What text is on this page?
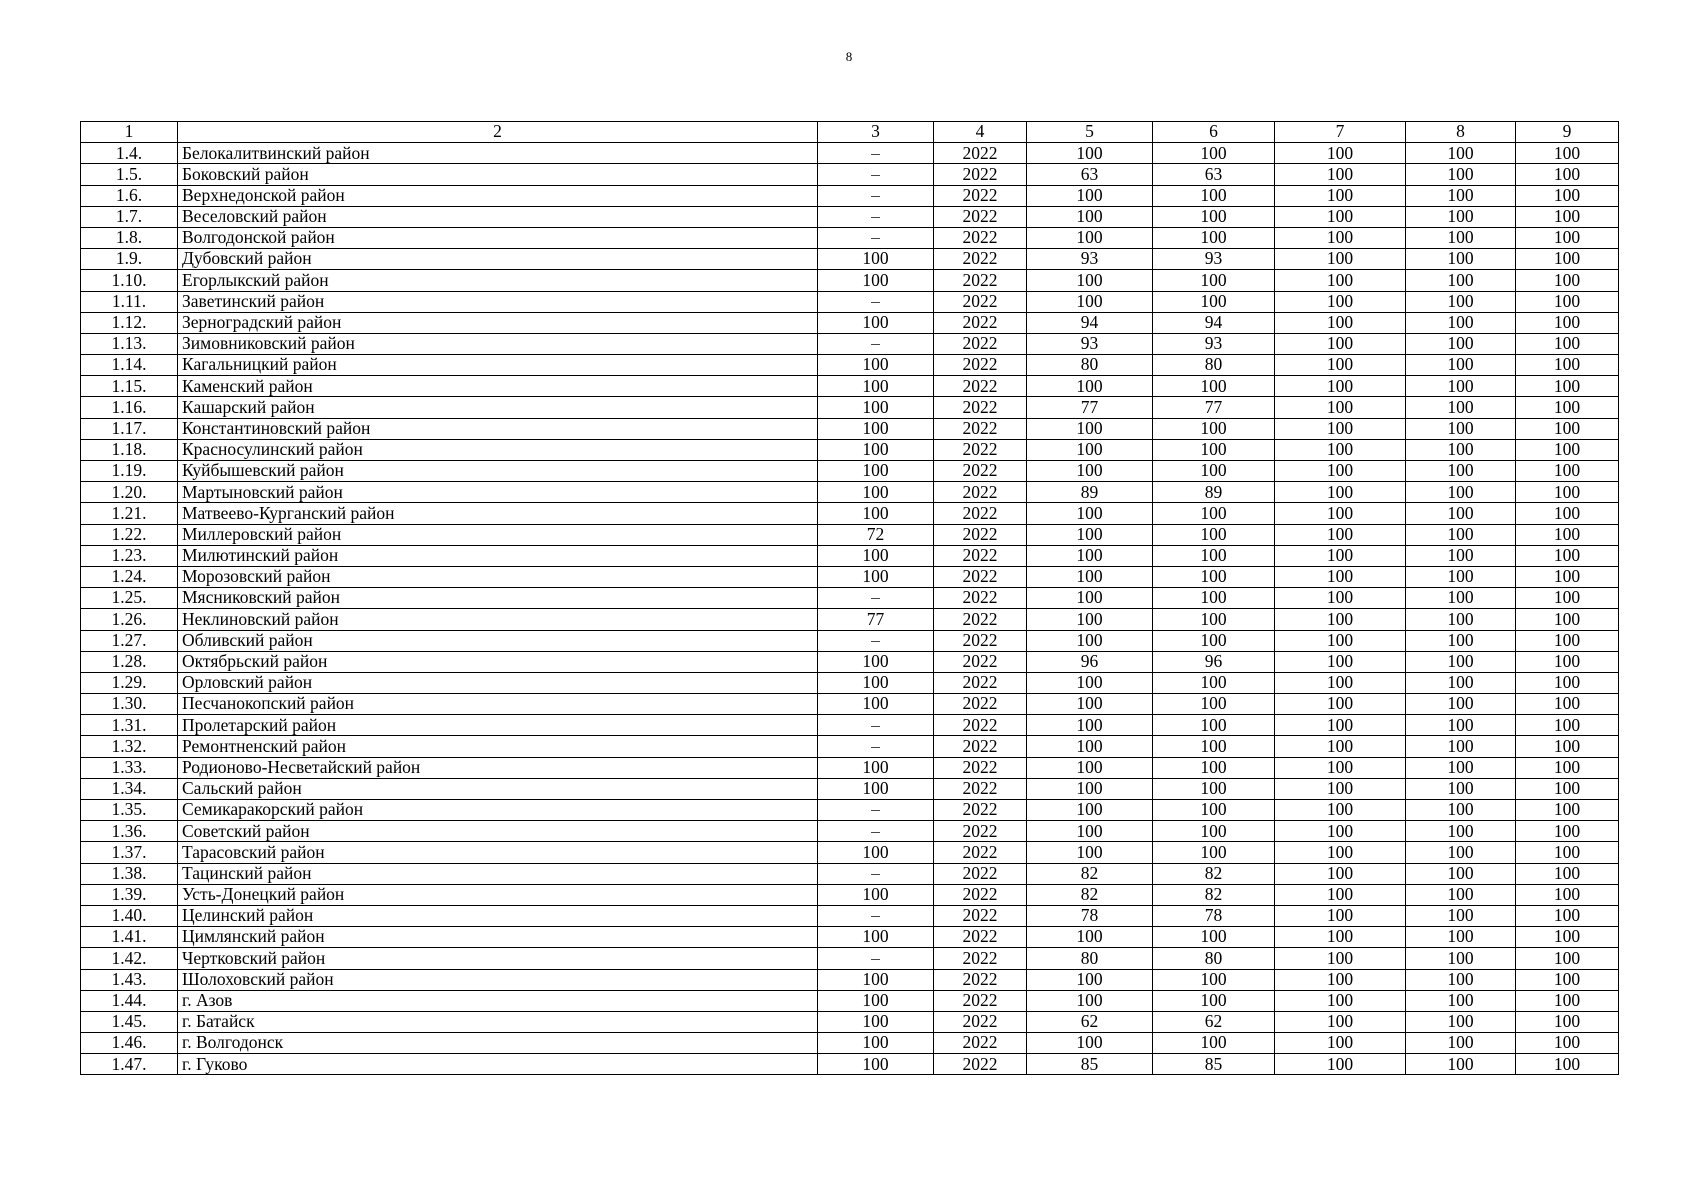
8
1	2	3	4	5	6	7	8	9
1.4.	Белокалитвинский район	–	2022	100	100	100	100	100
1.5.	Боковский район	–	2022	63	63	100	100	100
1.6.	Верхнедонской район	–	2022	100	100	100	100	100
1.7.	Веселовский район	–	2022	100	100	100	100	100
1.8.	Волгодонской район	–	2022	100	100	100	100	100
1.9.	Дубовский район	100	2022	93	93	100	100	100
1.10.	Егорлыкский район	100	2022	100	100	100	100	100
1.11.	Заветинский район	–	2022	100	100	100	100	100
1.12.	Зерноградский район	100	2022	94	94	100	100	100
1.13.	Зимовниковский район	–	2022	93	93	100	100	100
1.14.	Кагальницкий район	100	2022	80	80	100	100	100
1.15.	Каменский район	100	2022	100	100	100	100	100
1.16.	Кашарский район	100	2022	77	77	100	100	100
1.17.	Константиновский район	100	2022	100	100	100	100	100
1.18.	Красносулинский район	100	2022	100	100	100	100	100
1.19.	Куйбышевский район	100	2022	100	100	100	100	100
1.20.	Мартыновский район	100	2022	89	89	100	100	100
1.21.	Матвеево-Курганский район	100	2022	100	100	100	100	100
1.22.	Миллеровский район	72	2022	100	100	100	100	100
1.23.	Милютинский район	100	2022	100	100	100	100	100
1.24.	Морозовский район	100	2022	100	100	100	100	100
1.25.	Мясниковский район	–	2022	100	100	100	100	100
1.26.	Неклиновский район	77	2022	100	100	100	100	100
1.27.	Обливский район	–	2022	100	100	100	100	100
1.28.	Октябрьский район	100	2022	96	96	100	100	100
1.29.	Орловский район	100	2022	100	100	100	100	100
1.30.	Песчанокопский район	100	2022	100	100	100	100	100
1.31.	Пролетарский район	–	2022	100	100	100	100	100
1.32.	Ремонтненский район	–	2022	100	100	100	100	100
1.33.	Родионово-Несветайский район	100	2022	100	100	100	100	100
1.34.	Сальский район	100	2022	100	100	100	100	100
1.35.	Семикаракорский район	–	2022	100	100	100	100	100
1.36.	Советский район	–	2022	100	100	100	100	100
1.37.	Тарасовский район	100	2022	100	100	100	100	100
1.38.	Тацинский район	–	2022	82	82	100	100	100
1.39.	Усть-Донецкий район	100	2022	82	82	100	100	100
1.40.	Целинский район	–	2022	78	78	100	100	100
1.41.	Цимлянский район	100	2022	100	100	100	100	100
1.42.	Чертковский район	–	2022	80	80	100	100	100
1.43.	Шолоховский район	100	2022	100	100	100	100	100
1.44.	г. Азов	100	2022	100	100	100	100	100
1.45.	г. Батайск	100	2022	62	62	100	100	100
1.46.	г. Волгодонск	100	2022	100	100	100	100	100
1.47.	г. Гуково	100	2022	85	85	100	100	100
